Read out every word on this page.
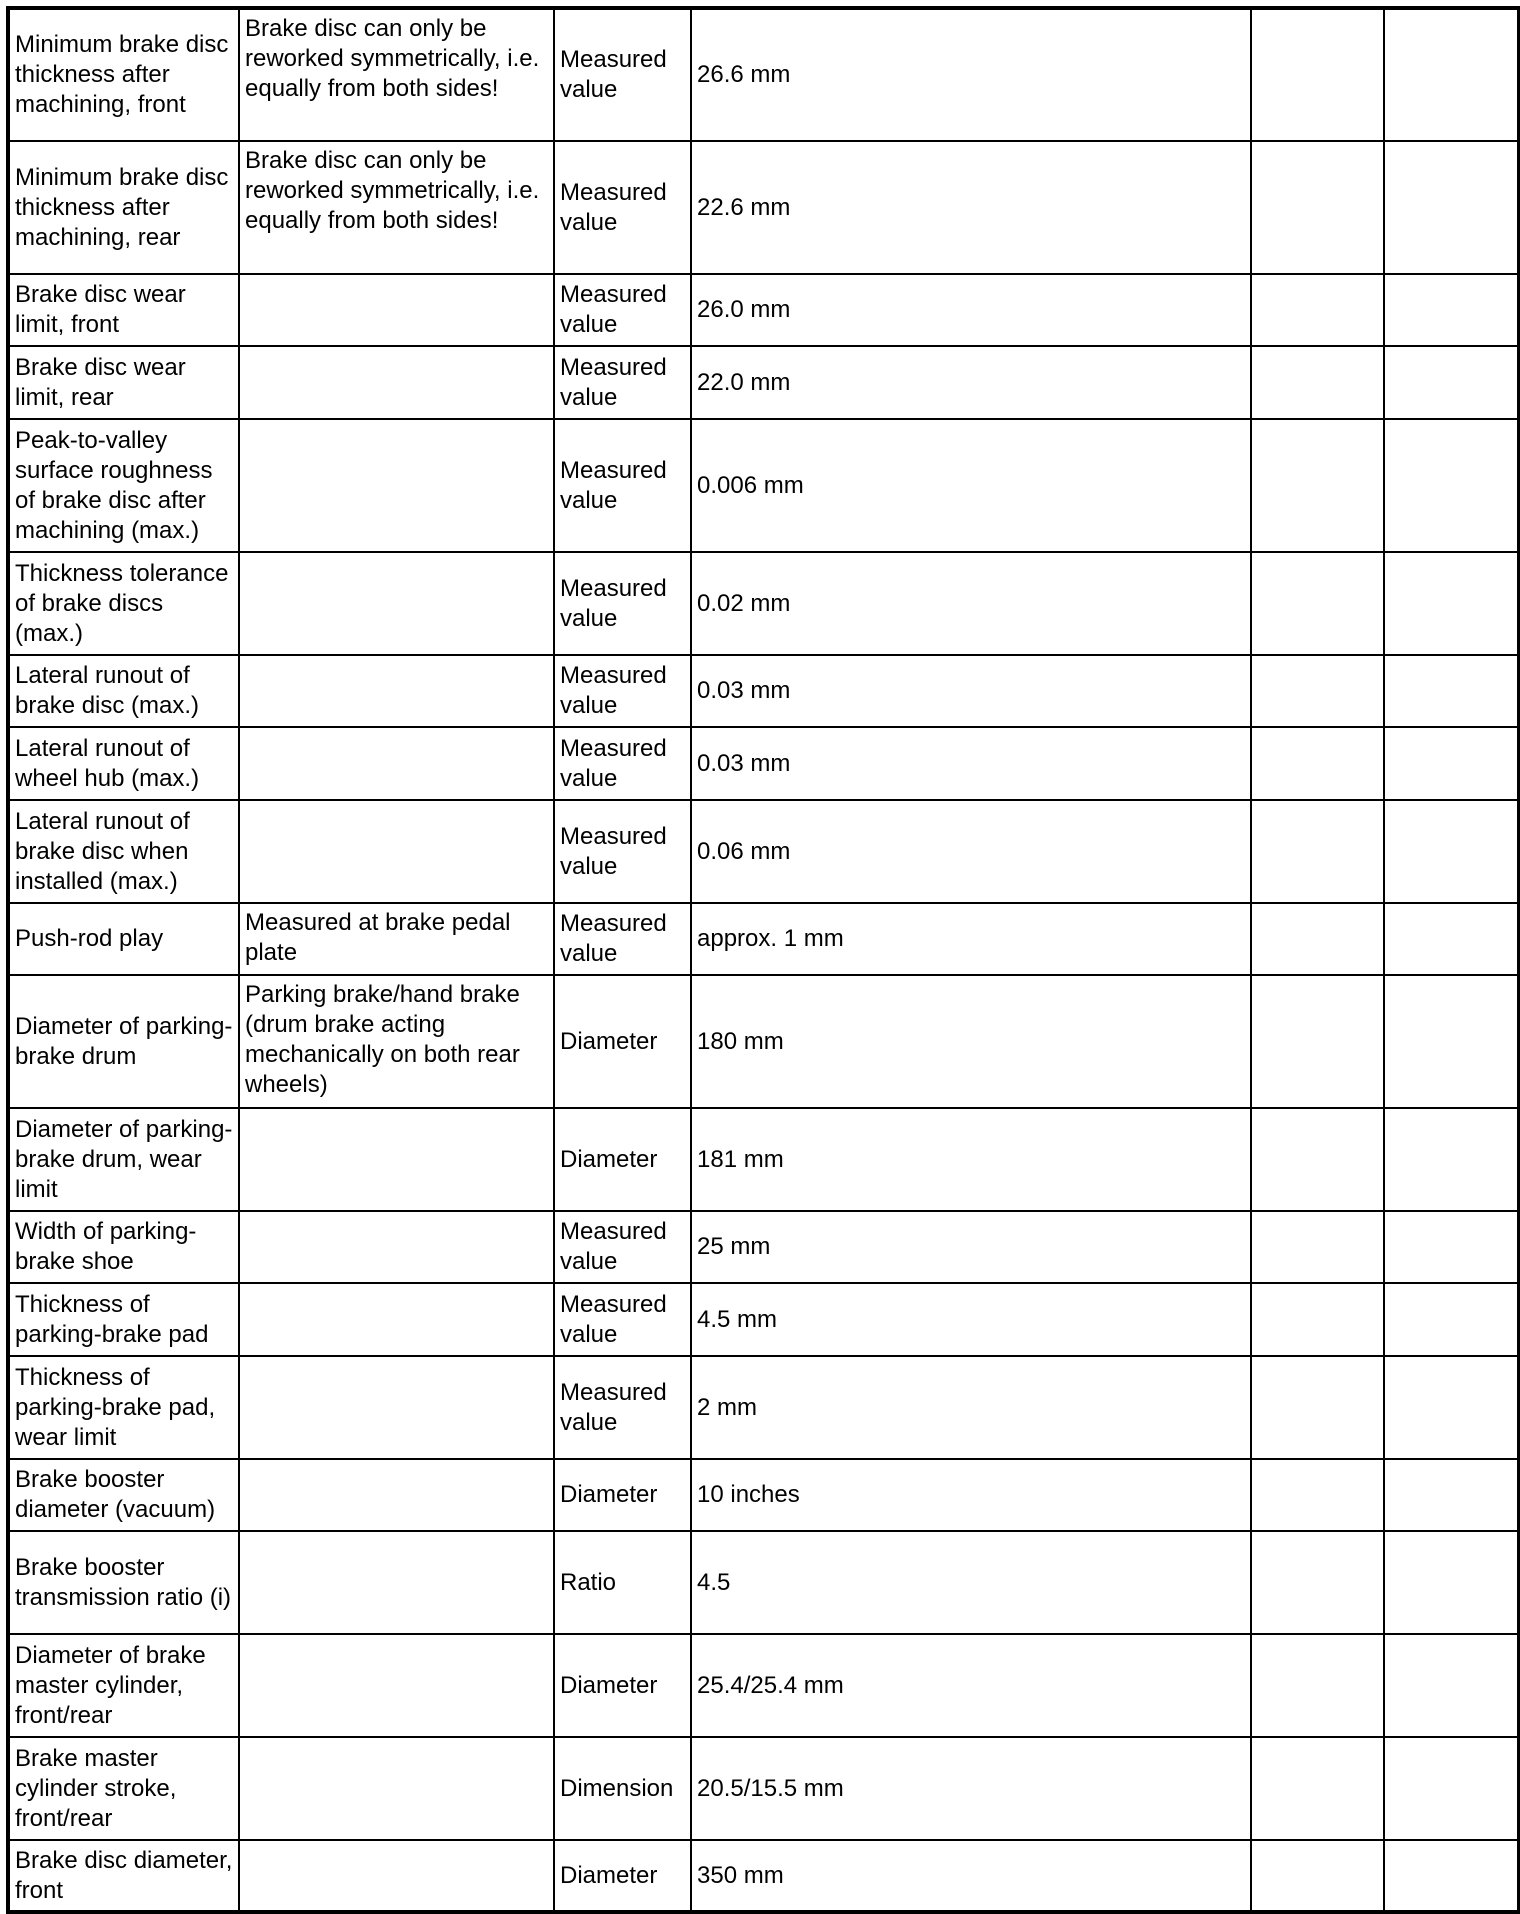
Minimum brake disc thickness after machining, front	Brake disc can only be reworked symmetrically, i.e. equally from both sides!	Measured value	26.6 mm		
Minimum brake disc thickness after machining, rear	Brake disc can only be reworked symmetrically, i.e. equally from both sides!	Measured value	22.6 mm		
Brake disc wear limit, front		Measured value	26.0 mm		
Brake disc wear limit, rear		Measured value	22.0 mm		
Peak-to-valley surface roughness of brake disc after machining (max.)		Measured value	0.006 mm		
Thickness tolerance of brake discs (max.)		Measured value	0.02 mm		
Lateral runout of brake disc (max.)		Measured value	0.03 mm		
Lateral runout of wheel hub (max.)		Measured value	0.03 mm		
Lateral runout of brake disc when installed (max.)		Measured value	0.06 mm		
Push-rod play	Measured at brake pedal plate	Measured value	approx. 1 mm		
Diameter of parking-brake drum	Parking brake/hand brake (drum brake acting mechanically on both rear wheels)	Diameter	180 mm		
Diameter of parking-brake drum, wear limit		Diameter	181 mm		
Width of parking-brake shoe		Measured value	25 mm		
Thickness of parking-brake pad		Measured value	4.5 mm		
Thickness of parking-brake pad, wear limit		Measured value	2 mm		
Brake booster diameter (vacuum)		Diameter	10 inches		
Brake booster transmission ratio (i)		Ratio	4.5		
Diameter of brake master cylinder, front/rear		Diameter	25.4/25.4 mm		
Brake master cylinder stroke, front/rear		Dimension	20.5/15.5 mm		
Brake disc diameter, front		Diameter	350 mm		
